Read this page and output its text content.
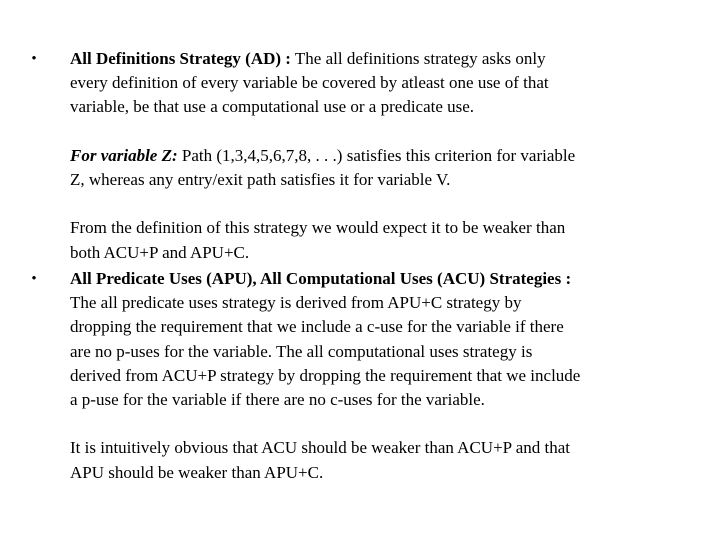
• All Definitions Strategy (AD) : The all definitions strategy asks only
every definition of every variable be covered by atleast one use of that
variable, be that use a computational use or a predicate use.
For variable Z: Path (1,3,4,5,6,7,8, . . .) satisfies this criterion for variable
Z, whereas any entry/exit path satisfies it for variable V.
From the definition of this strategy we would expect it to be weaker than
both ACU+P and APU+C.
• All Predicate Uses (APU), All Computational Uses (ACU) Strategies :
The all predicate uses strategy is derived from APU+C strategy by
dropping the requirement that we include a c-use for the variable if there
are no p-uses for the variable. The all computational uses strategy is
derived from ACU+P strategy by dropping the requirement that we include
a p-use for the variable if there are no c-uses for the variable.
It is intuitively obvious that ACU should be weaker than ACU+P and that
APU should be weaker than APU+C.
